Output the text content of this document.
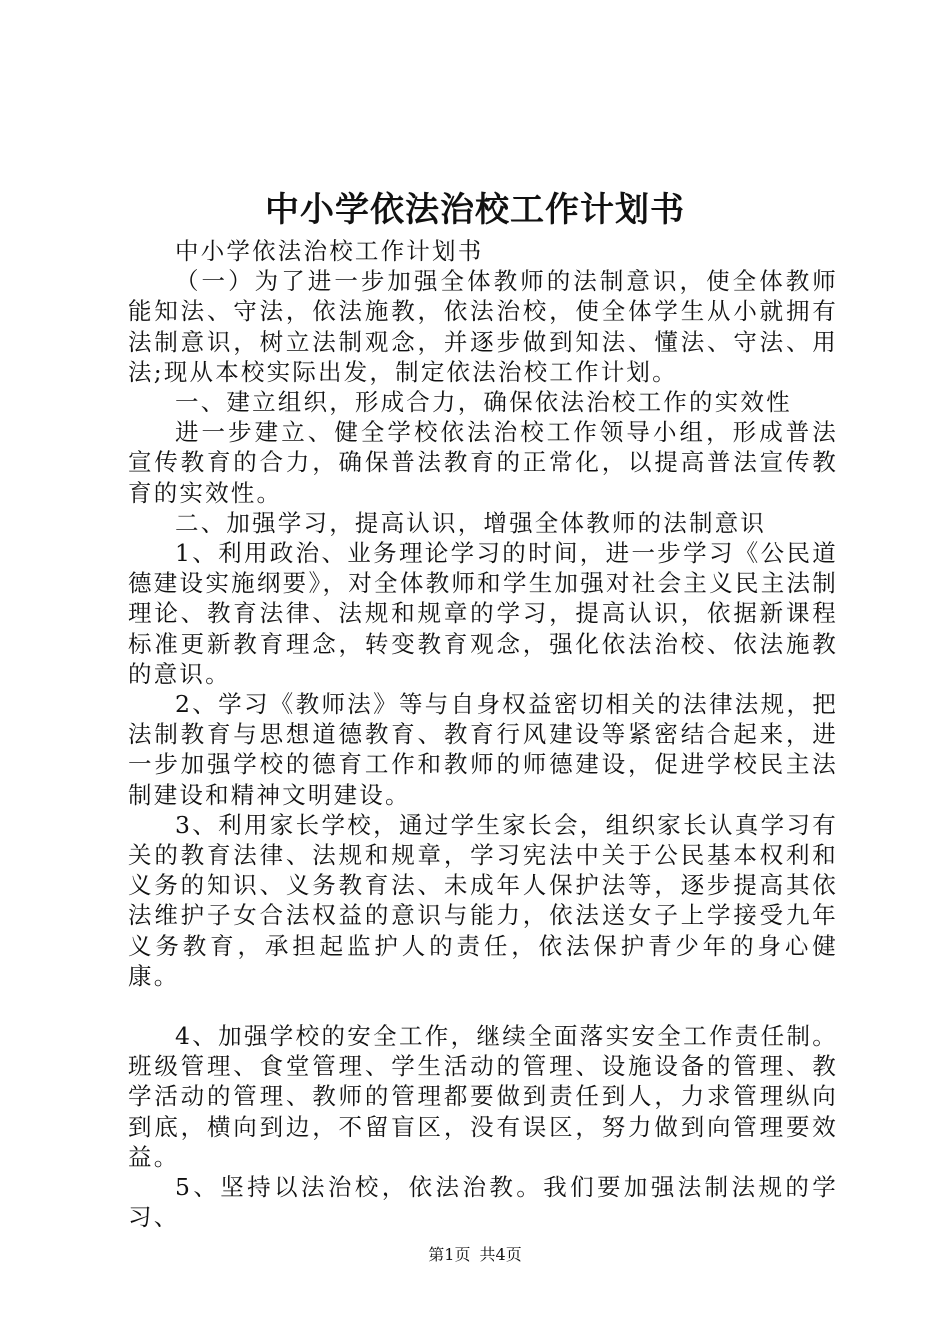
中小学依法治校工作计划书

中小学依法治校工作计划书

（一）为了进一步加强全体教师的法制意识，使全体教师能知法、守法，依法施教，依法治校，使全体学生从小就拥有法制意识，树立法制观念，并逐步做到知法、懂法、守法、用法;现从本校实际出发，制定依法治校工作计划。

一、建立组织，形成合力，确保依法治校工作的实效性

进一步建立、健全学校依法治校工作领导小组，形成普法宣传教育的合力，确保普法教育的正常化，以提高普法宣传教育的实效性。

二、加强学习，提高认识，增强全体教师的法制意识

1、利用政治、业务理论学习的时间，进一步学习《公民道德建设实施纲要》，对全体教师和学生加强对社会主义民主法制理论、教育法律、法规和规章的学习，提高认识，依据新课程标准更新教育理念，转变教育观念，强化依法治校、依法施教的意识。

2、学习《教师法》等与自身权益密切相关的法律法规，把法制教育与思想道德教育、教育行风建设等紧密结合起来，进一步加强学校的德育工作和教师的师德建设，促进学校民主法制建设和精神文明建设。

3、利用家长学校，通过学生家长会，组织家长认真学习有关的教育法律、法规和规章，学习宪法中关于公民基本权利和义务的知识、义务教育法、未成年人保护法等，逐步提高其依法维护子女合法权益的意识与能力，依法送女子上学接受九年义务教育，承担起监护人的责任，依法保护青少年的身心健康。

4、加强学校的安全工作，继续全面落实安全工作责任制。班级管理、食堂管理、学生活动的管理、设施设备的管理、教学活动的管理、教师的管理都要做到责任到人，力求管理纵向到底，横向到边，不留盲区，没有误区，努力做到向管理要效益。

5、坚持以法治校，依法治教。我们要加强法制法规的学习、

第1页 共4页
